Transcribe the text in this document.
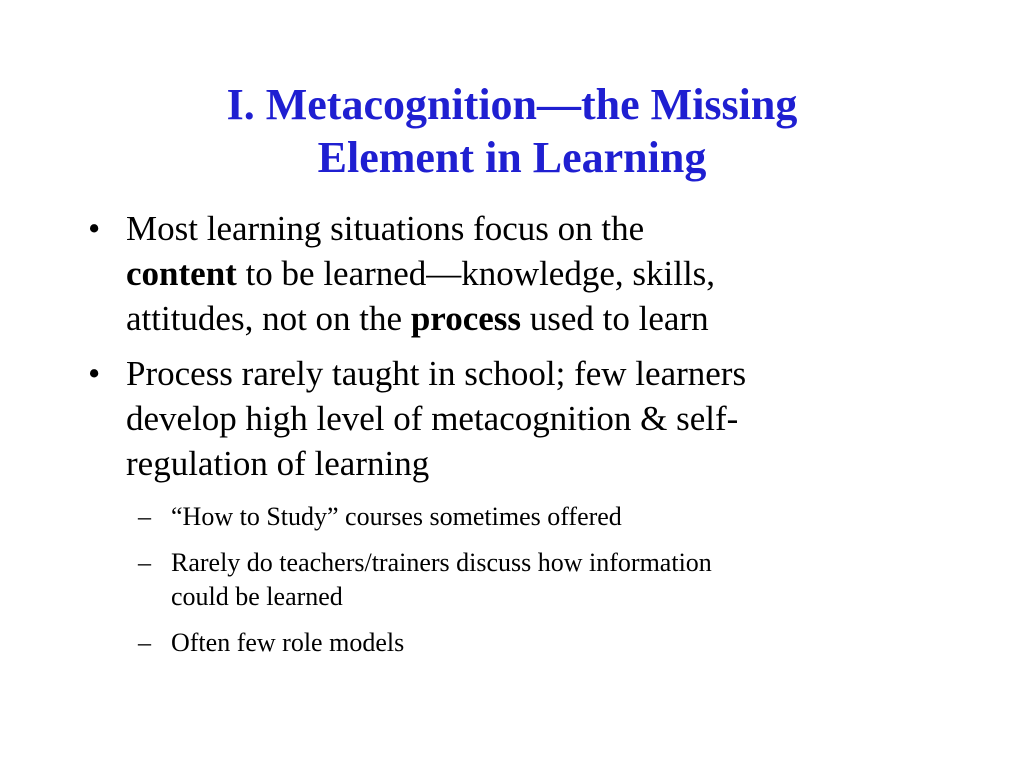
I. Metacognition—the Missing
Element in Learning
• Most learning situations focus on the
content to be learned—knowledge, skills,
attitudes, not on the process used to learn
• Process rarely taught in school; few learners
develop high level of metacognition & self-
regulation of learning
– “How to Study” courses sometimes offered
– Rarely do teachers/trainers discuss how information
could be learned
– Often few role models
